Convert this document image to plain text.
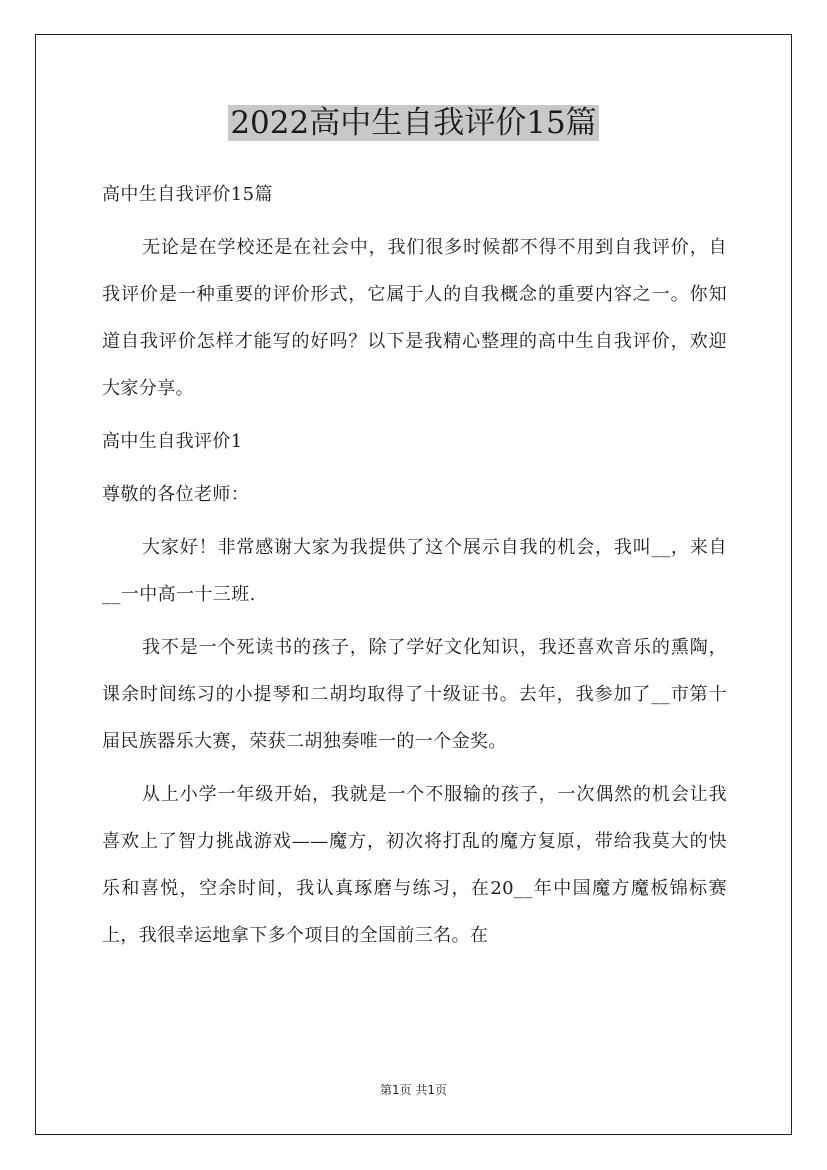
2022高中生自我评价15篇

高中生自我评价15篇

无论是在学校还是在社会中，我们很多时候都不得不用到自我评价，自我评价是一种重要的评价形式，它属于人的自我概念的重要内容之一。你知道自我评价怎样才能写的好吗？以下是我精心整理的高中生自我评价，欢迎大家分享。

高中生自我评价1

尊敬的各位老师：

大家好！非常感谢大家为我提供了这个展示自我的机会，我叫__，来自__一中高一十三班.

我不是一个死读书的孩子，除了学好文化知识，我还喜欢音乐的熏陶，课余时间练习的小提琴和二胡均取得了十级证书。去年，我参加了__市第十届民族器乐大赛，荣获二胡独奏唯一的一个金奖。

从上小学一年级开始，我就是一个不服输的孩子，一次偶然的机会让我喜欢上了智力挑战游戏——魔方，初次将打乱的魔方复原，带给我莫大的快乐和喜悦，空余时间，我认真琢磨与练习，在20__年中国魔方魔板锦标赛上，我很幸运地拿下多个项目的全国前三名。在

第1页 共1页
